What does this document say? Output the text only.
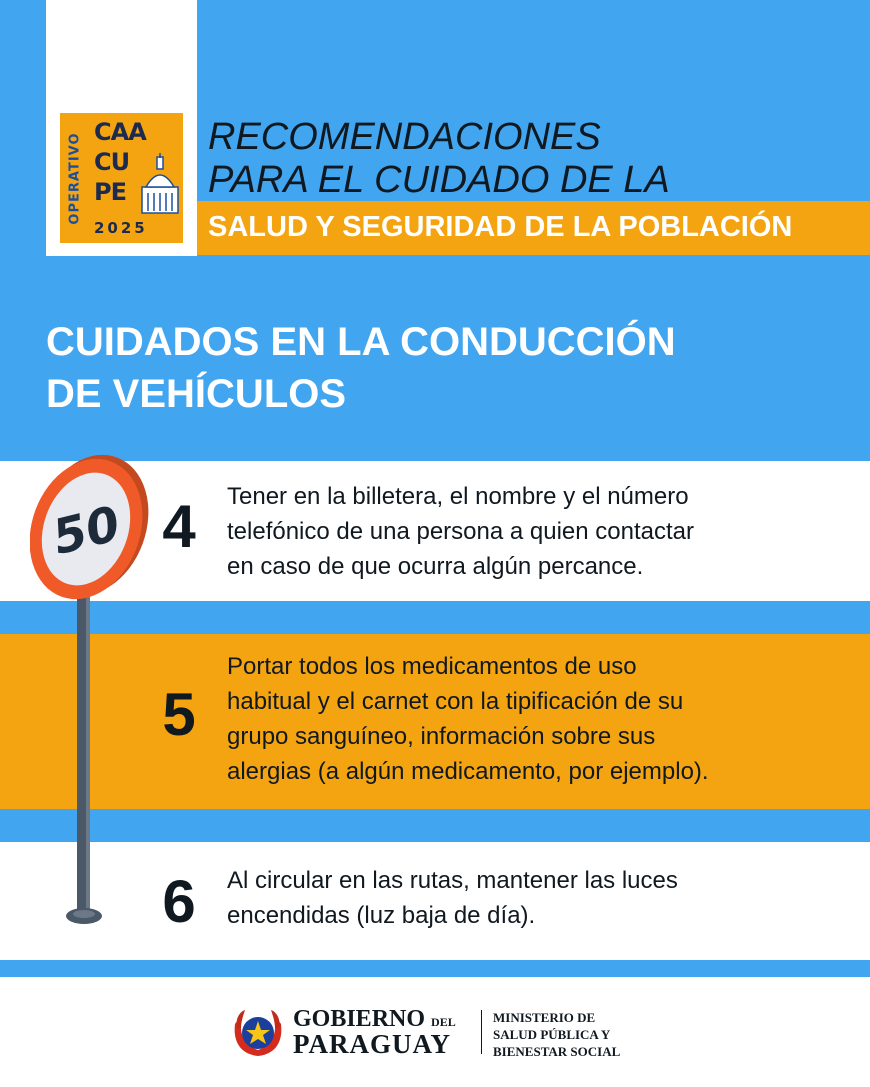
OPERATIVO CAA
CU
PE
2025
RECOMENDACIONES
PARA EL CUIDADO DE LA
SALUD Y SEGURIDAD DE LA POBLACIÓN
CUIDADOS EN LA CONDUCCIÓN
DE VEHÍCULOS
50 4 Tener en la billetera, el nombre y el número
telefónico de una persona a quien contactar
en caso de que ocurra algún percance.
5
Portar todos los medicamentos de uso
habitual y el carnet con la tipificación de su
grupo sanguíneo, información sobre sus
alergias (a algún medicamento, por ejemplo).
6 Al circular en las rutas, mantener las luces
encendidas (luz baja de día).
GOBIERNO DEL
PARAGUAY
MINISTERIO DE
SALUD PÚBLICA Y
BIENESTAR SOCIAL
